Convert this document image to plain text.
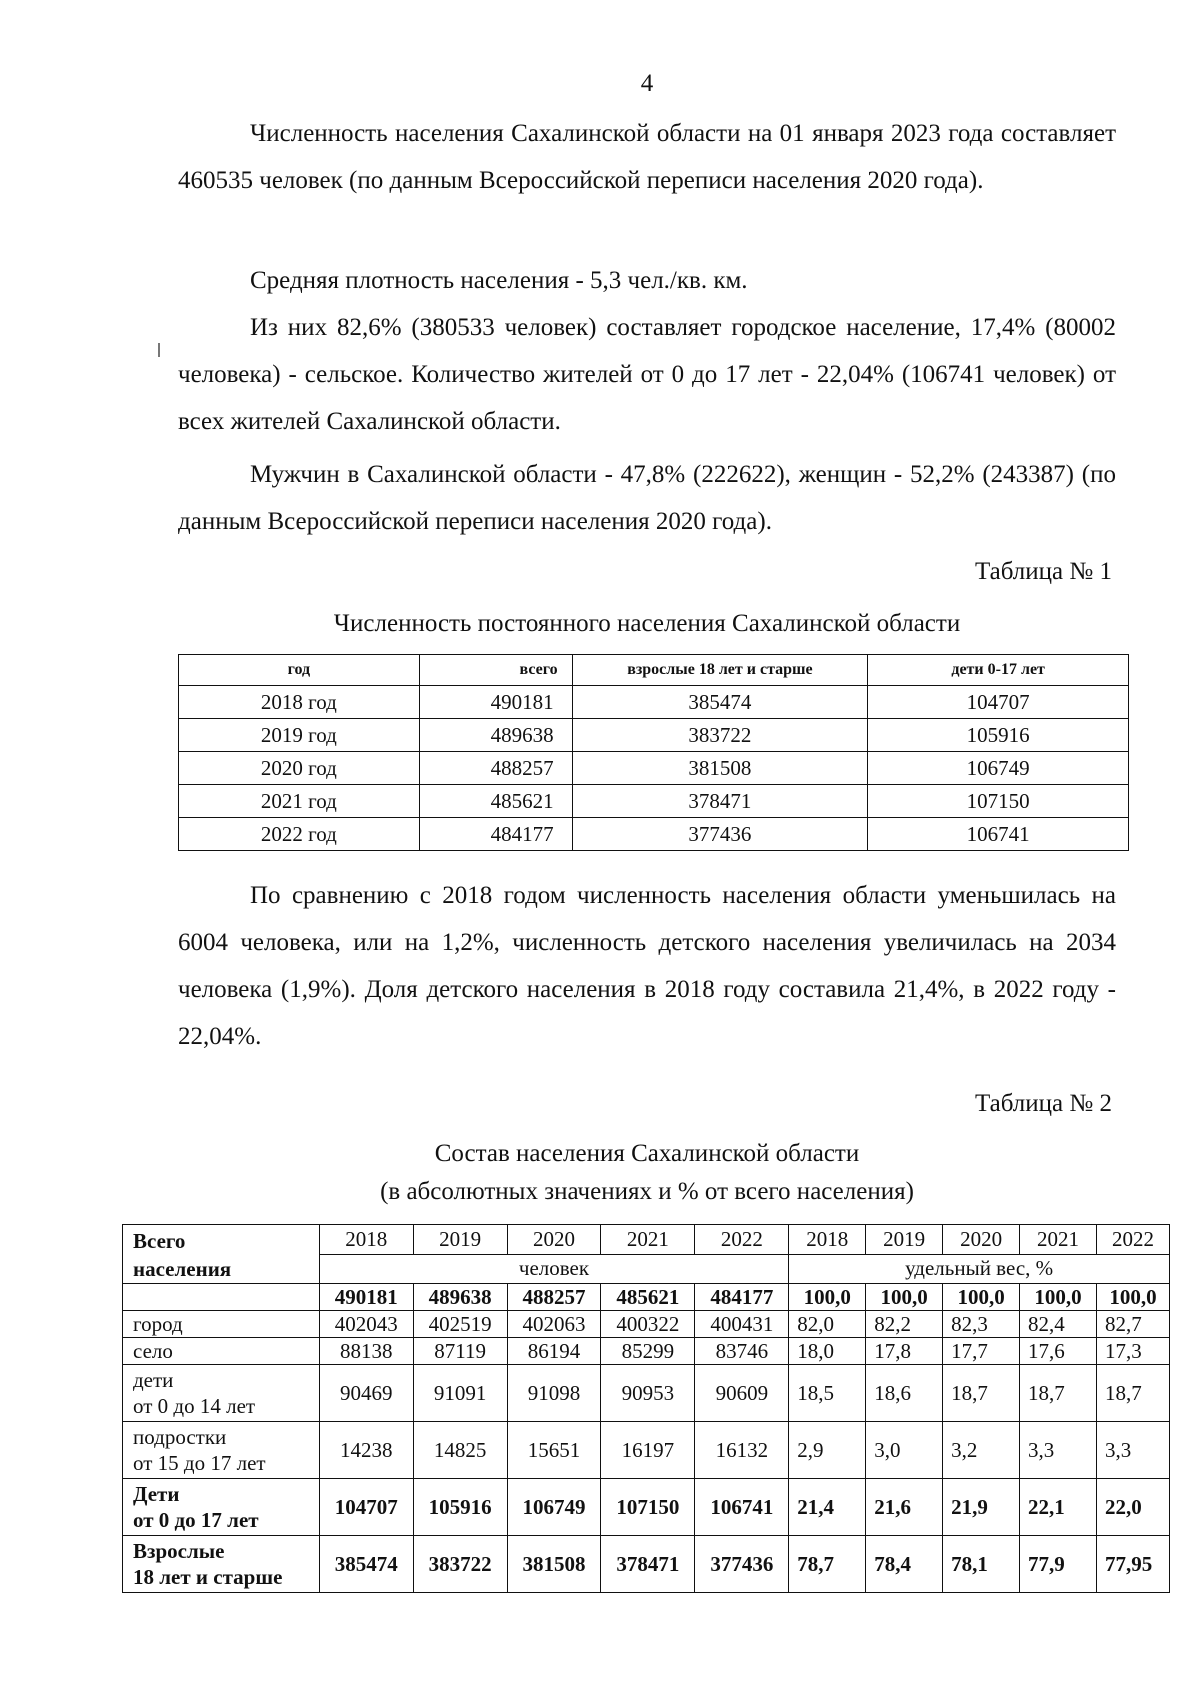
4

Численность населения Сахалинской области на 01 января 2023 года составляет 460535 человек (по данным Всероссийской переписи населения 2020 года).

Средняя плотность населения - 5,3 чел./кв. км.

Из них 82,6% (380533 человек) составляет городское население, 17,4% (80002 человека) - сельское. Количество жителей от 0 до 17 лет - 22,04% (106741 человек) от всех жителей Сахалинской области.

Мужчин в Сахалинской области - 47,8% (222622), женщин - 52,2% (243387) (по данным Всероссийской переписи населения 2020 года).

Таблица № 1
Численность постоянного населения Сахалинской области
год	всего	взрослые 18 лет и старше	дети 0-17 лет
2018 год	490181	385474	104707
2019 год	489638	383722	105916
2020 год	488257	381508	106749
2021 год	485621	378471	107150
2022 год	484177	377436	106741

По сравнению с 2018 годом численность населения области уменьшилась на 6004 человека, или на 1,2%, численность детского населения увеличилась на 2034 человека (1,9%). Доля детского населения в 2018 году составила 21,4%, в 2022 году - 22,04%.

Таблица № 2
Состав населения Сахалинской области
(в абсолютных значениях и % от всего населения)
Всего
населения	2018	2019	2020	2021	2022	2018	2019	2020	2021	2022
	человек					удельный вес, %				
	490181	489638	488257	485621	484177	100,0	100,0	100,0	100,0	100,0
город	402043	402519	402063	400322	400431	82,0	82,2	82,3	82,4	82,7
село	88138	87119	86194	85299	83746	18,0	17,8	17,7	17,6	17,3
дети
от 0 до 14 лет	90469	91091	91098	90953	90609	18,5	18,6	18,7	18,7	18,7
подростки
от 15 до 17 лет	14238	14825	15651	16197	16132	2,9	3,0	3,2	3,3	3,3
Дети
от 0 до 17 лет	104707	105916	106749	107150	106741	21,4	21,6	21,9	22,1	22,0
Взрослые
18 лет и старше	385474	383722	381508	378471	377436	78,7	78,4	78,1	77,9	77,95
